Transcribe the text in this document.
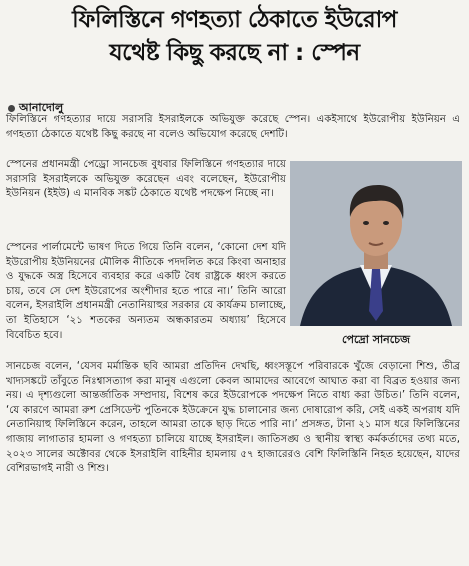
ফিলিস্তিনে গণহত্যা ঠেকাতে ইউরোপ
যথেষ্ট কিছু করছে না : স্পেন
আনাদোলু

ফিলিস্তিনে গণহত্যার দায়ে সরাসরি ইসরাইলকে অভিযুক্ত করেছে স্পেন। একইসাথে ইউরোপীয় ইউনিয়ন এ গণহত্যা ঠেকাতে যথেষ্ট কিছু করছে না বলেও অভিযোগ করেছে দেশটি।

স্পেনের প্রধানমন্ত্রী পেড্রো সানচেজ বুধবার ফিলিস্তিনে গণহত্যার দায়ে সরাসরি ইসরাইলকে অভিযুক্ত করেছেন এবং বলেছেন, ইউরোপীয় ইউনিয়ন (ইইউ) এ মানবিক সঙ্কট ঠেকাতে যথেষ্ট পদক্ষেপ নিচ্ছে না।

স্পেনের পার্লামেন্টে ভাষণ দিতে গিয়ে তিনি বলেন, ‘কোনো দেশ যদি ইউরোপীয় ইউনিয়নের মৌলিক নীতিকে পদদলিত করে কিংবা অনাহার ও যুদ্ধকে অস্ত্র হিসেবে ব্যবহার করে একটি বৈধ রাষ্ট্রকে ধ্বংস করতে চায়, তবে সে দেশ ইউরোপের অংশীদার হতে পারে না।’ তিনি আরো বলেন, ইসরাইলি প্রধানমন্ত্রী নেতানিয়াহুর সরকার যে কার্যক্রম চালাচ্ছে, তা ইতিহাসে ‘২১ শতকের অন্যতম অন্ধকারতম অধ্যায়’ হিসেবে বিবেচিত হবে।

সানচেজ বলেন, ‘যেসব মর্মান্তিক ছবি আমরা প্রতিদিন দেখছি, ধ্বংসস্তূপে পরিবারকে খুঁজে বেড়ানো শিশু, তীব্র খাদ্যসঙ্কটে তাঁবুতে নিঃশ্বাসত্যাগ করা মানুষ এগুলো কেবল আমাদের আবেগে আঘাত করা বা বিব্রত হওয়ার জন্য নয়। এ দৃশ্যগুলো আন্তর্জাতিক সম্প্রদায়, বিশেষ করে ইউরোপকে পদক্ষেপ নিতে বাধ্য করা উচিত।’ তিনি বলেন, ‘যে কারণে আমরা রুশ প্রেসিডেন্ট পুতিনকে ইউক্রেনে যুদ্ধ চালানোর জন্য দোষারোপ করি, সেই একই অপরাধ যদি নেতানিয়াহু ফিলিস্তিনে করেন, তাহলে আমরা তাকে ছাড় দিতে পারি না।’ প্রসঙ্গত, টানা ২১ মাস ধরে ফিলিস্তিনের গাজায় লাগাতার হামলা ও গণহত্যা চালিয়ে যাচ্ছে ইসরাইল। জাতিসঙ্ঘ ও স্থানীয় স্বাস্থ্য কর্মকর্তাদের তথ্য মতে, ২০২৩ সালের অক্টোবর থেকে ইসরাইলি বাহিনীর হামলায় ৫৭ হাজারেরও বেশি ফিলিস্তিনি নিহত হয়েছেন, যাদের বেশিরভাগই নারী ও শিশু।

পেদ্রো সানচেজ
